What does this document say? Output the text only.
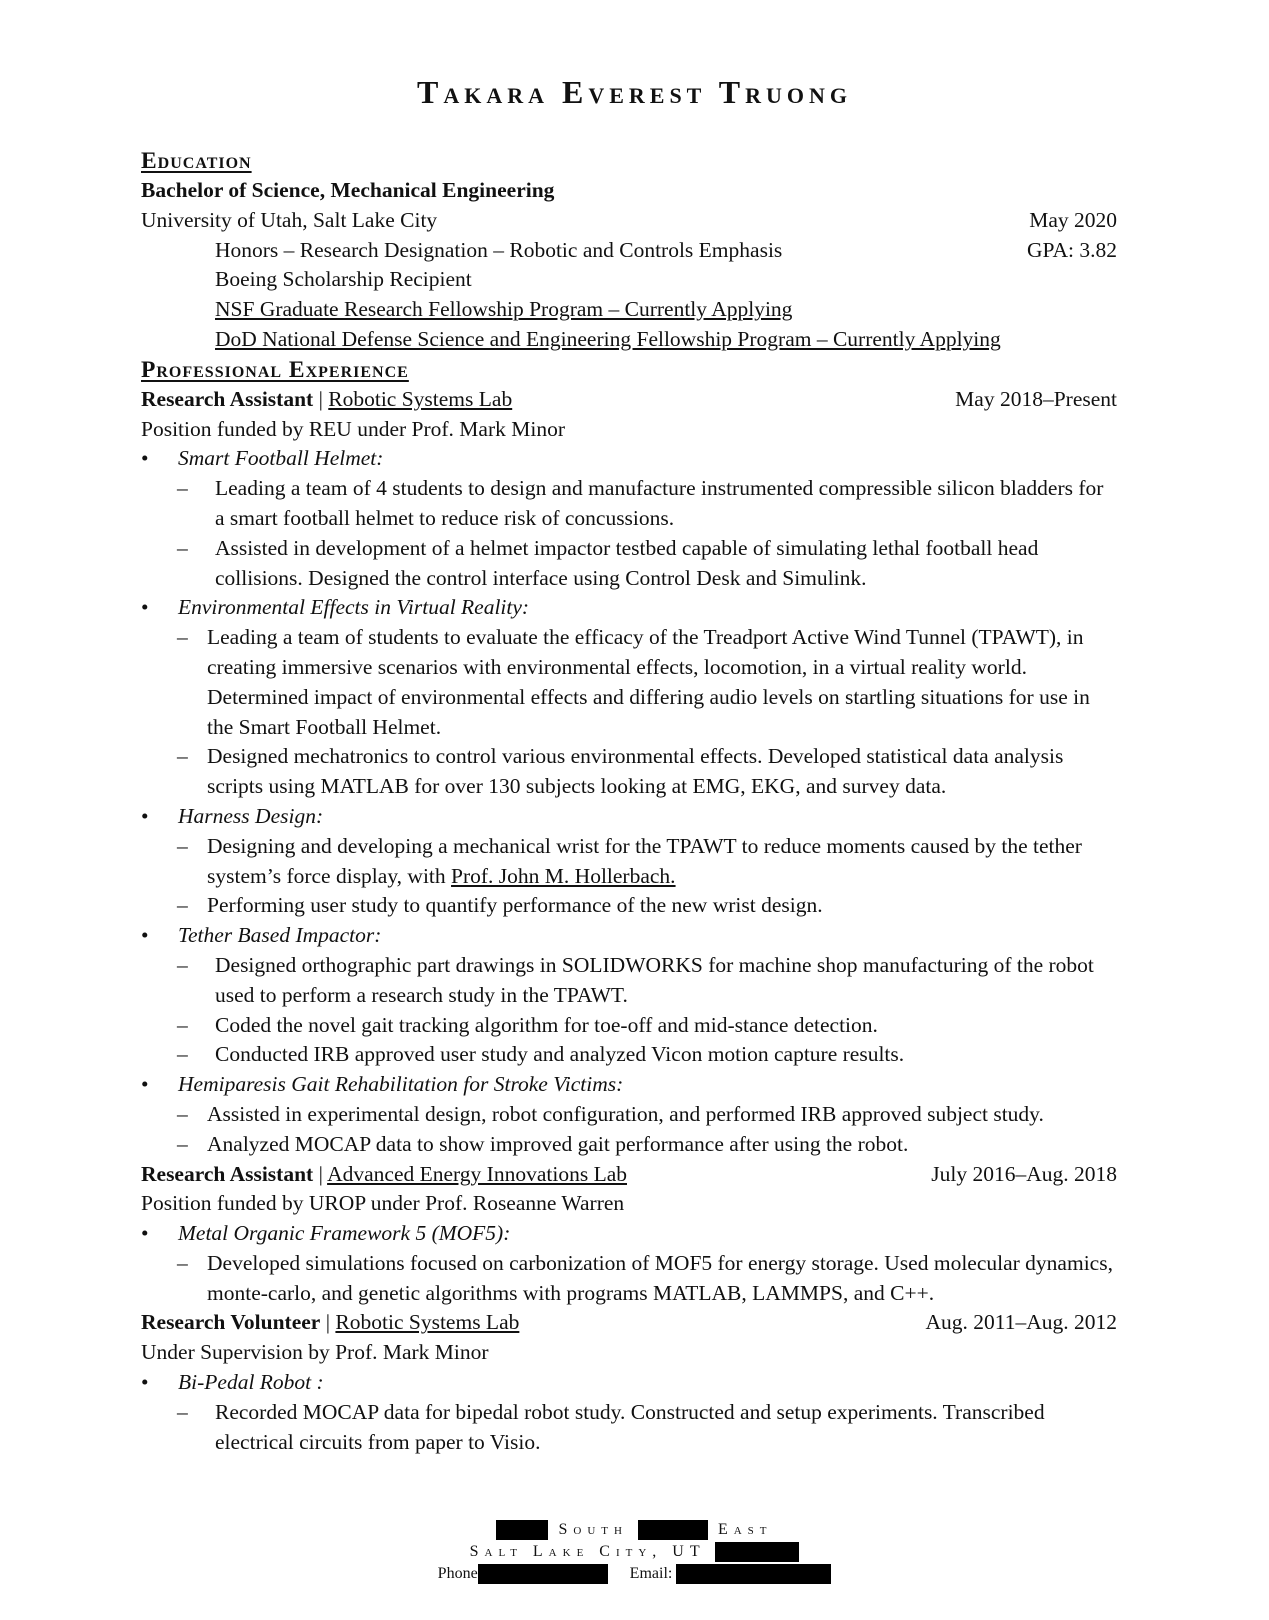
Takara Everest Truong
Education
Bachelor of Science, Mechanical Engineering
University of Utah, Salt Lake City	May 2020
Honors – Research Designation – Robotic and Controls Emphasis	GPA: 3.82
Boeing Scholarship Recipient
NSF Graduate Research Fellowship Program – Currently Applying
DoD National Defense Science and Engineering Fellowship Program – Currently Applying
Professional Experience
Research Assistant | Robotic Systems Lab	May 2018–Present
Position funded by REU under Prof. Mark Minor
•	Smart Football Helmet:
–	Leading a team of 4 students to design and manufacture instrumented compressible silicon bladders for a smart football helmet to reduce risk of concussions.
–	Assisted in development of a helmet impactor testbed capable of simulating lethal football head collisions. Designed the control interface using Control Desk and Simulink.
•	Environmental Effects in Virtual Reality:
– Leading a team of students to evaluate the efficacy of the Treadport Active Wind Tunnel (TPAWT), in creating immersive scenarios with environmental effects, locomotion, in a virtual reality world. Determined impact of environmental effects and differing audio levels on startling situations for use in the Smart Football Helmet.
– Designed mechatronics to control various environmental effects. Developed statistical data analysis scripts using MATLAB for over 130 subjects looking at EMG, EKG, and survey data.
•	Harness Design:
– Designing and developing a mechanical wrist for the TPAWT to reduce moments caused by the tether system’s force display, with Prof. John M. Hollerbach.
– Performing user study to quantify performance of the new wrist design.
•	Tether Based Impactor:
–	Designed orthographic part drawings in SOLIDWORKS for machine shop manufacturing of the robot used to perform a research study in the TPAWT.
–	Coded the novel gait tracking algorithm for toe-off and mid-stance detection.
–	Conducted IRB approved user study and analyzed Vicon motion capture results.
•	Hemiparesis Gait Rehabilitation for Stroke Victims:
– Assisted in experimental design, robot configuration, and performed IRB approved subject study.
– Analyzed MOCAP data to show improved gait performance after using the robot.
Research Assistant | Advanced Energy Innovations Lab	July 2016–Aug. 2018
Position funded by UROP under Prof. Roseanne Warren
•	Metal Organic Framework 5 (MOF5):
– Developed simulations focused on carbonization of MOF5 for energy storage. Used molecular dynamics, monte-carlo, and genetic algorithms with programs MATLAB, LAMMPS, and C++.
Research Volunteer | Robotic Systems Lab	Aug. 2011–Aug. 2012
Under Supervision by Prof. Mark Minor
•	Bi-Pedal Robot :
–	Recorded MOCAP data for bipedal robot study. Constructed and setup experiments. Transcribed electrical circuits from paper to Visio.
South	East
Salt Lake City, UT
Phone	Email:
